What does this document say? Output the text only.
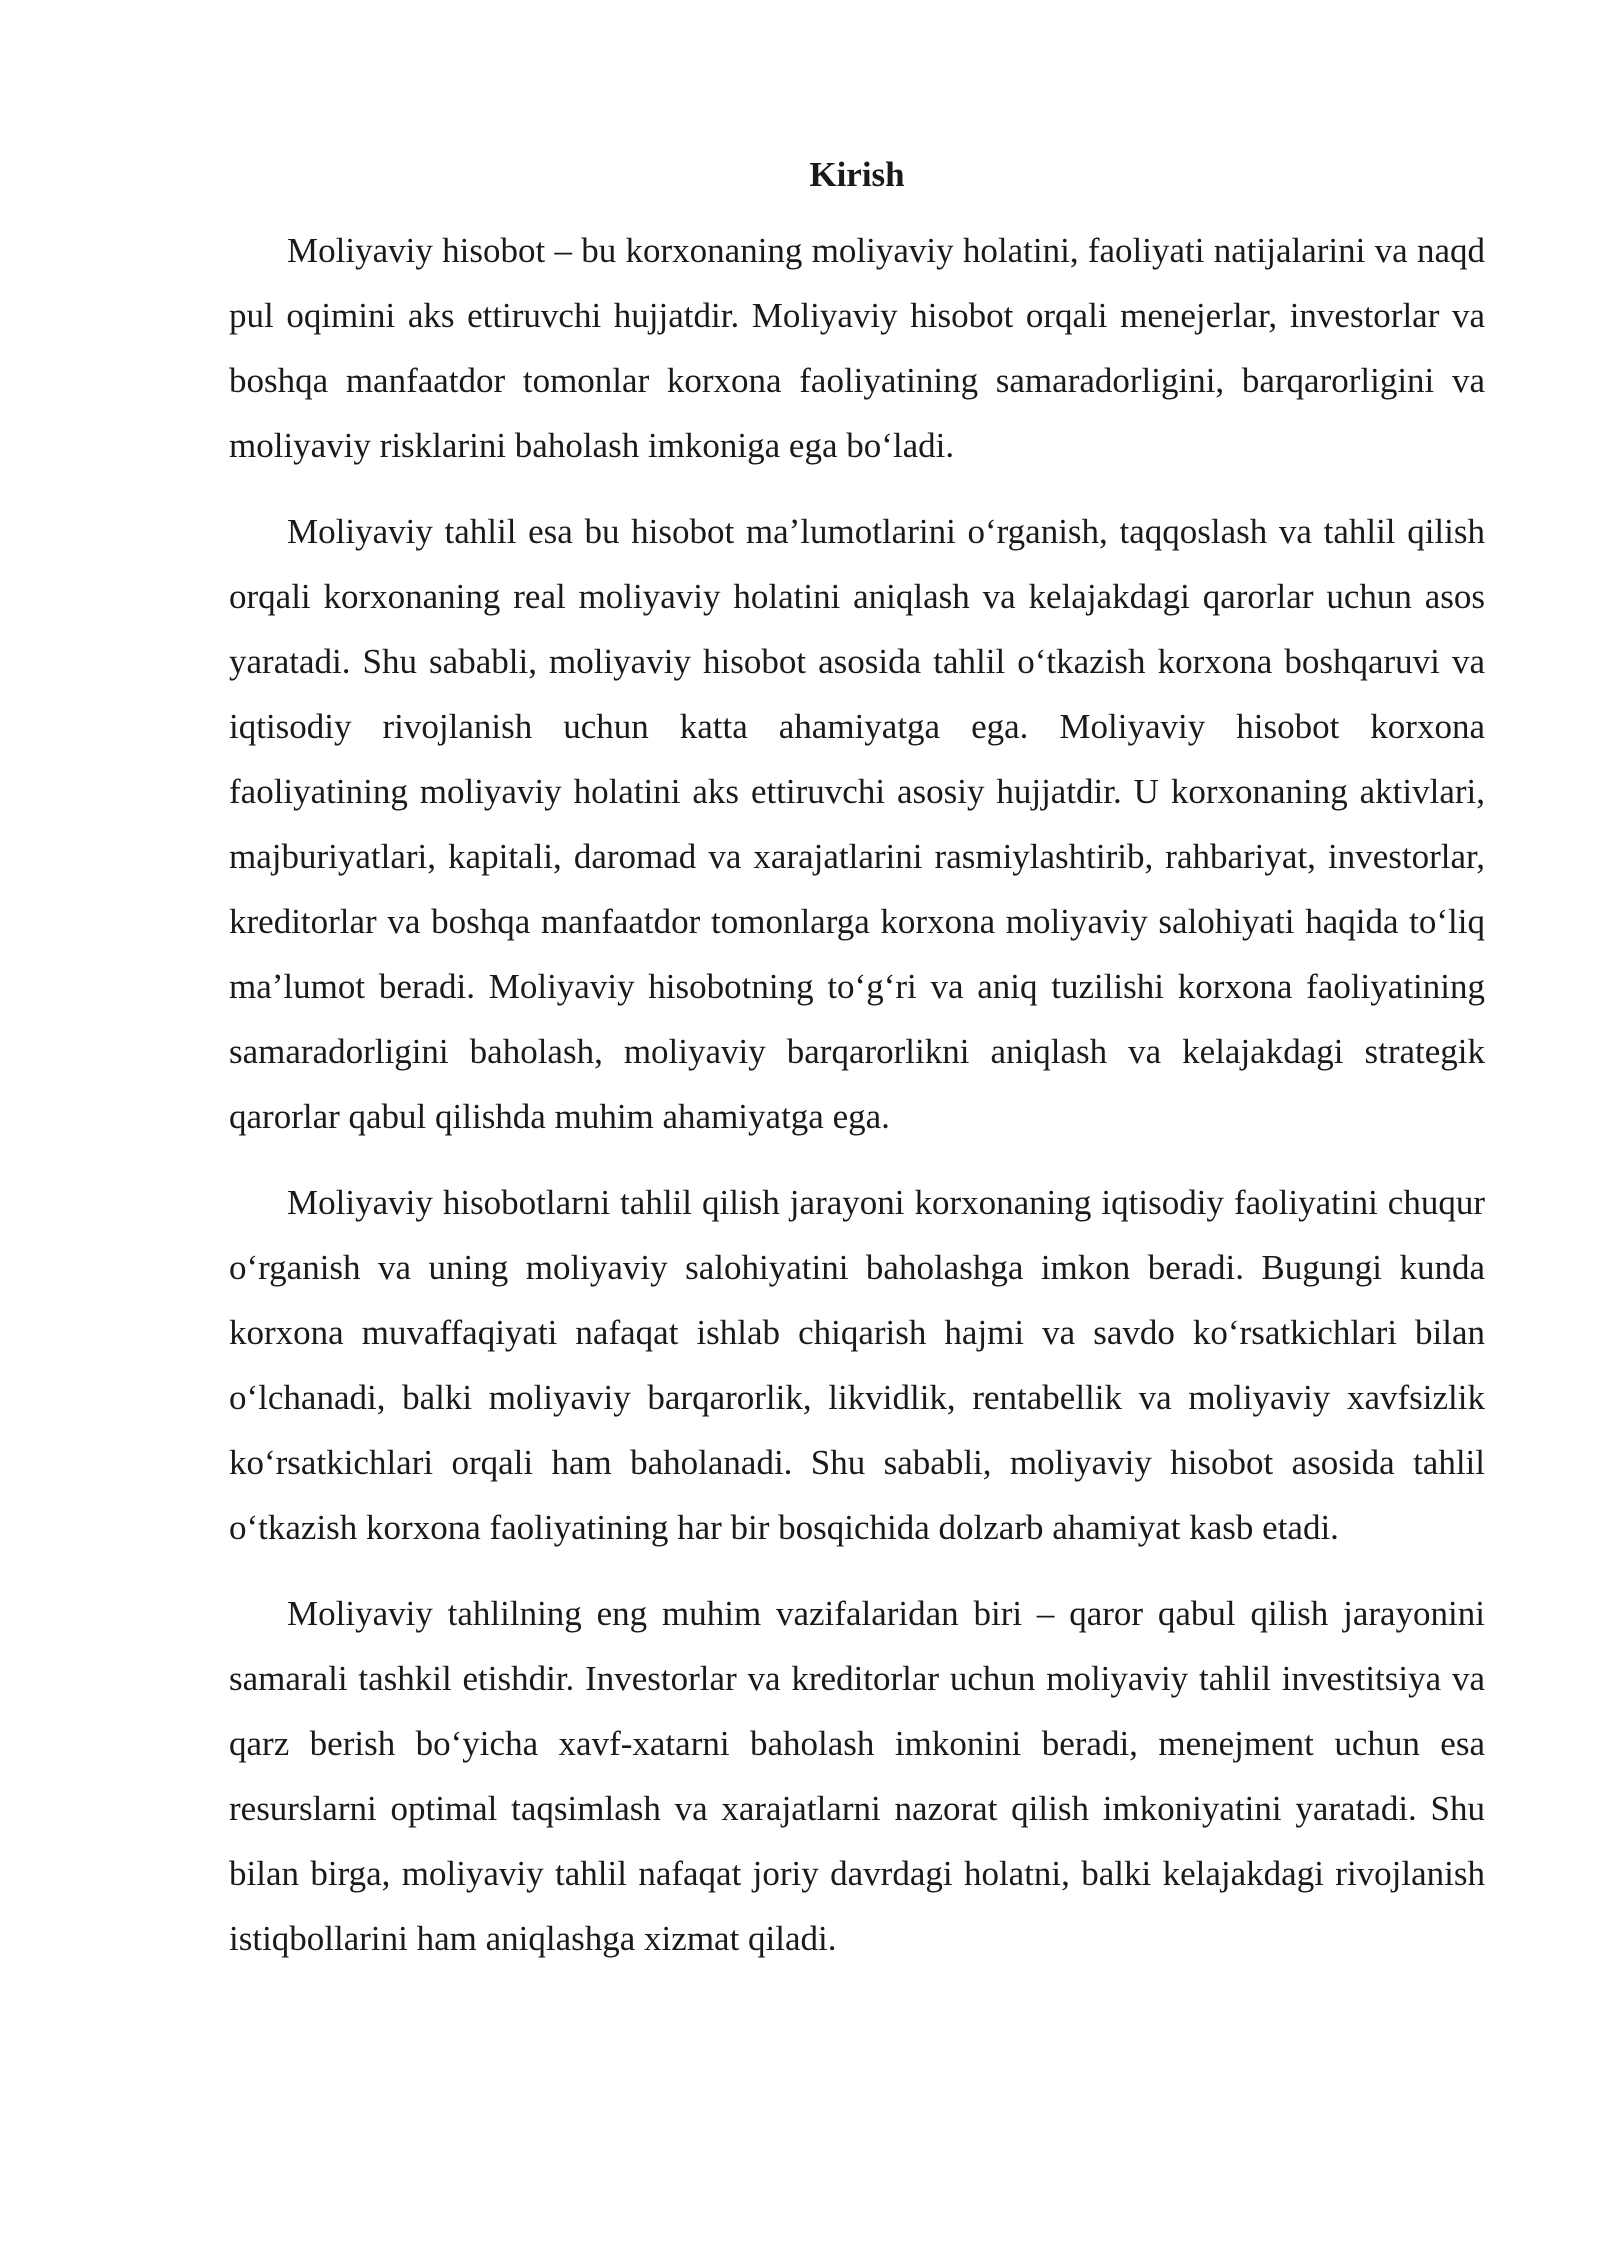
Kirish

Moliyaviy hisobot – bu korxonaning moliyaviy holatini, faoliyati natijalarini va naqd pul oqimini aks ettiruvchi hujjatdir. Moliyaviy hisobot orqali menejerlar, investorlar va boshqa manfaatdor tomonlar korxona faoliyatining samaradorligini, barqarorligini va moliyaviy risklarini baholash imkoniga ega boʻladi.

Moliyaviy tahlil esa bu hisobot maʼlumotlarini oʻrganish, taqqoslash va tahlil qilish orqali korxonaning real moliyaviy holatini aniqlash va kelajakdagi qarorlar uchun asos yaratadi. Shu sababli, moliyaviy hisobot asosida tahlil oʻtkazish korxona boshqaruvi va iqtisodiy rivojlanish uchun katta ahamiyatga ega. Moliyaviy hisobot korxona faoliyatining moliyaviy holatini aks ettiruvchi asosiy hujjatdir. U korxonaning aktivlari, majburiyatlari, kapitali, daromad va xarajatlarini rasmiylashtirib, rahbariyat, investorlar, kreditorlar va boshqa manfaatdor tomonlarga korxona moliyaviy salohiyati haqida toʻliq maʼlumot beradi. Moliyaviy hisobotning toʻgʻri va aniq tuzilishi korxona faoliyatining samaradorligini baholash, moliyaviy barqarorlikni aniqlash va kelajakdagi strategik qarorlar qabul qilishda muhim ahamiyatga ega.

Moliyaviy hisobotlarni tahlil qilish jarayoni korxonaning iqtisodiy faoliyatini chuqur oʻrganish va uning moliyaviy salohiyatini baholashga imkon beradi. Bugungi kunda korxona muvaffaqiyati nafaqat ishlab chiqarish hajmi va savdo koʻrsatkichlari bilan oʻlchanadi, balki moliyaviy barqarorlik, likvidlik, rentabellik va moliyaviy xavfsizlik koʻrsatkichlari orqali ham baholanadi. Shu sababli, moliyaviy hisobot asosida tahlil oʻtkazish korxona faoliyatining har bir bosqichida dolzarb ahamiyat kasb etadi.

Moliyaviy tahlilning eng muhim vazifalaridan biri – qaror qabul qilish jarayonini samarali tashkil etishdir. Investorlar va kreditorlar uchun moliyaviy tahlil investitsiya va qarz berish boʻyicha xavf-xatarni baholash imkonini beradi, menejment uchun esa resurslarni optimal taqsimlash va xarajatlarni nazorat qilish imkoniyatini yaratadi. Shu bilan birga, moliyaviy tahlil nafaqat joriy davrdagi holatni, balki kelajakdagi rivojlanish istiqbollarini ham aniqlashga xizmat qiladi.
